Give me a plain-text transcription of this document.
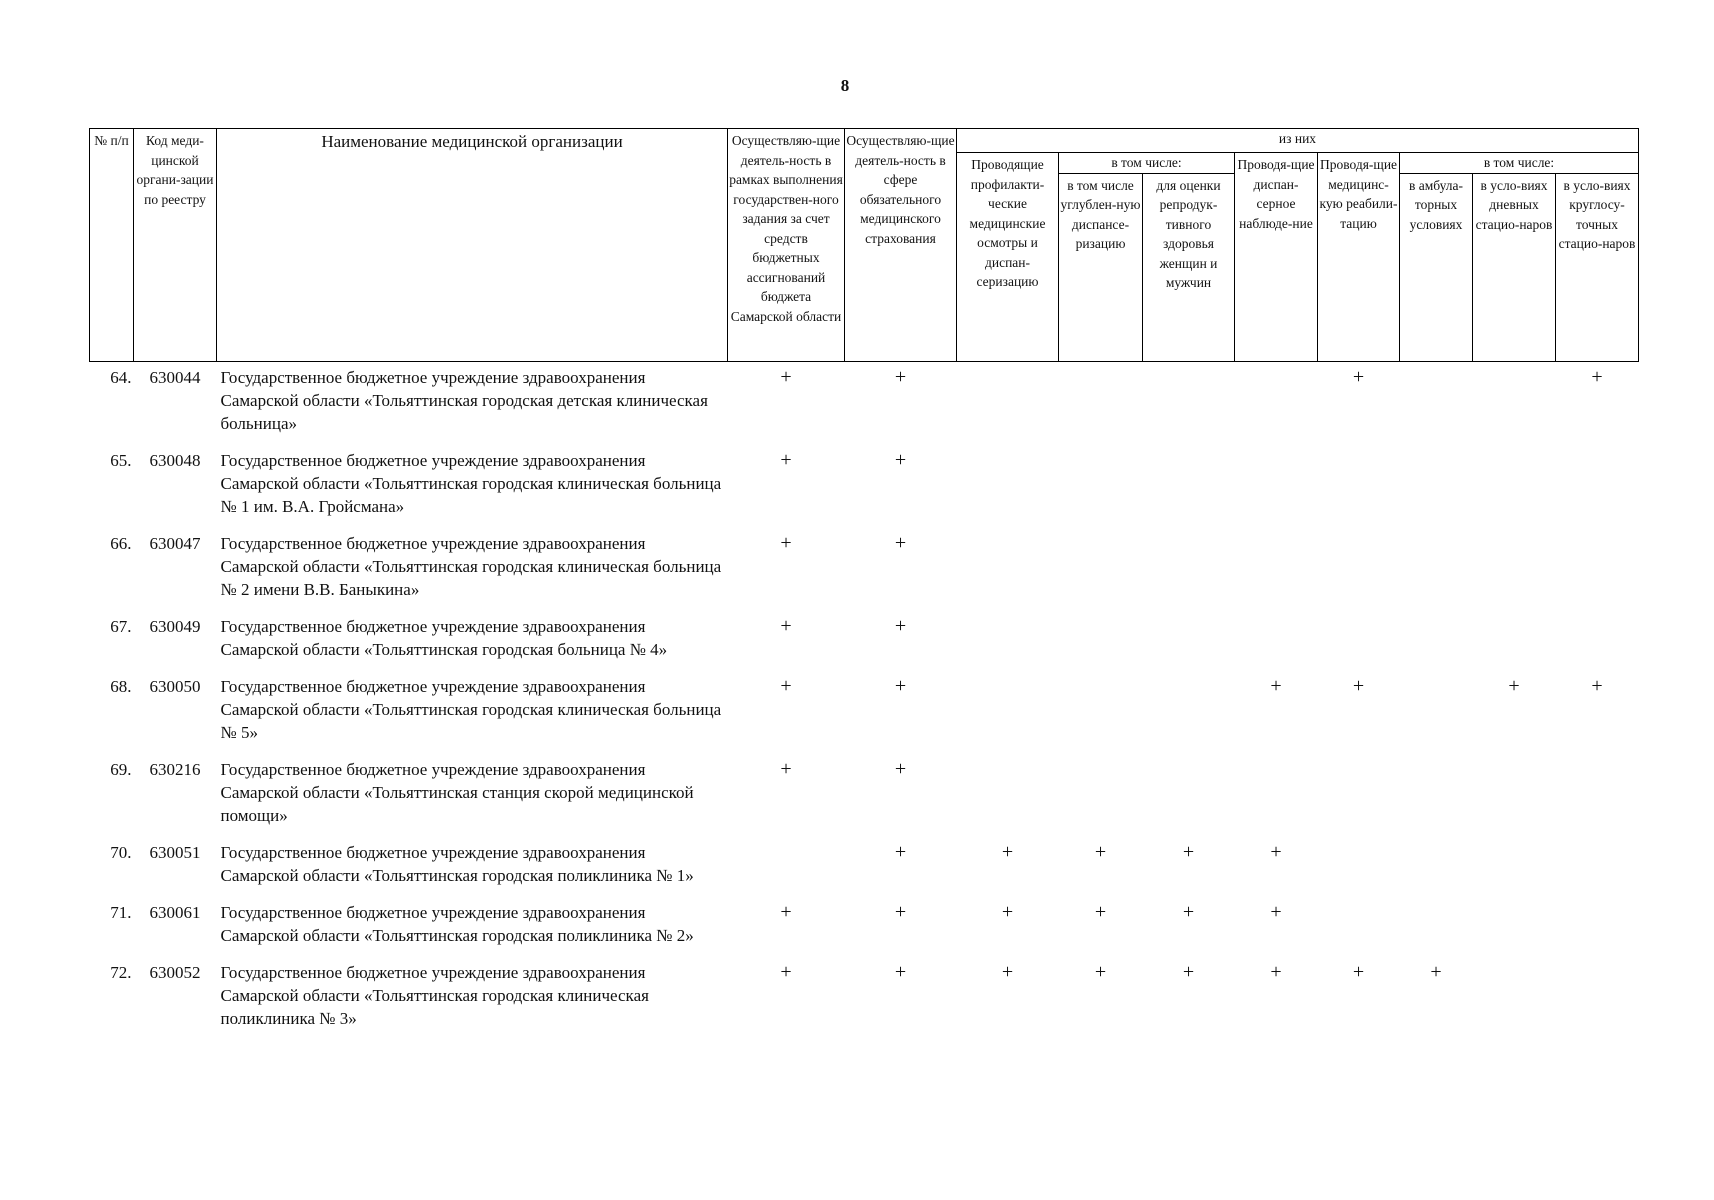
8
№ п/п	Код меди-цинской органи-зации по реестру	Наименование медицинской организации	Осуществляю-щие деятель-ность в рамках выполнения государствен-ного задания за счет средств бюджетных ассигнований бюджета Самарской области	Осуществляю-щие деятель-ность в сфере обязательного медицинского страхования	из них							
					Проводящие профилакти-ческие медицинские осмотры и диспан-серизацию	в том числе:		Проводя-щие диспан-серное наблюде-ние	Проводя-щие медицинс-кую реабили-тацию	в том числе:		
						в том числе углублен-ную диспансе-ризацию	для оценки репродук-тивного здоровья женщин и мужчин			в амбула-торных условиях	в усло-виях дневных стацио-наров	в усло-виях круглосу-точных стацио-наров
64.	630044	Государственное бюджетное учреждение здравоохранения Самарской области «Тольяттинская городская детская клиническая больница»	+	+					+			+
65.	630048	Государственное бюджетное учреждение здравоохранения Самарской области «Тольяттинская городская клиническая больница № 1 им. В.А. Гройсмана»	+	+								
66.	630047	Государственное бюджетное учреждение здравоохранения Самарской области «Тольяттинская городская клиническая больница № 2 имени В.В. Баныкина»	+	+								
67.	630049	Государственное бюджетное учреждение здравоохранения Самарской области «Тольяттинская городская больница № 4»	+	+								
68.	630050	Государственное бюджетное учреждение здравоохранения Самарской области «Тольяттинская городская клиническая больница № 5»	+	+				+	+		+	+
69.	630216	Государственное бюджетное учреждение здравоохранения Самарской области «Тольяттинская станция скорой медицинской помощи»	+	+								
70.	630051	Государственное бюджетное учреждение здравоохранения Самарской области «Тольяттинская городская поликлиника № 1»		+	+	+	+	+				
71.	630061	Государственное бюджетное учреждение здравоохранения Самарской области «Тольяттинская городская поликлиника № 2»	+	+	+	+	+	+				
72.	630052	Государственное бюджетное учреждение здравоохранения Самарской области «Тольяттинская городская клиническая поликлиника № 3»	+	+	+	+	+	+	+	+		
